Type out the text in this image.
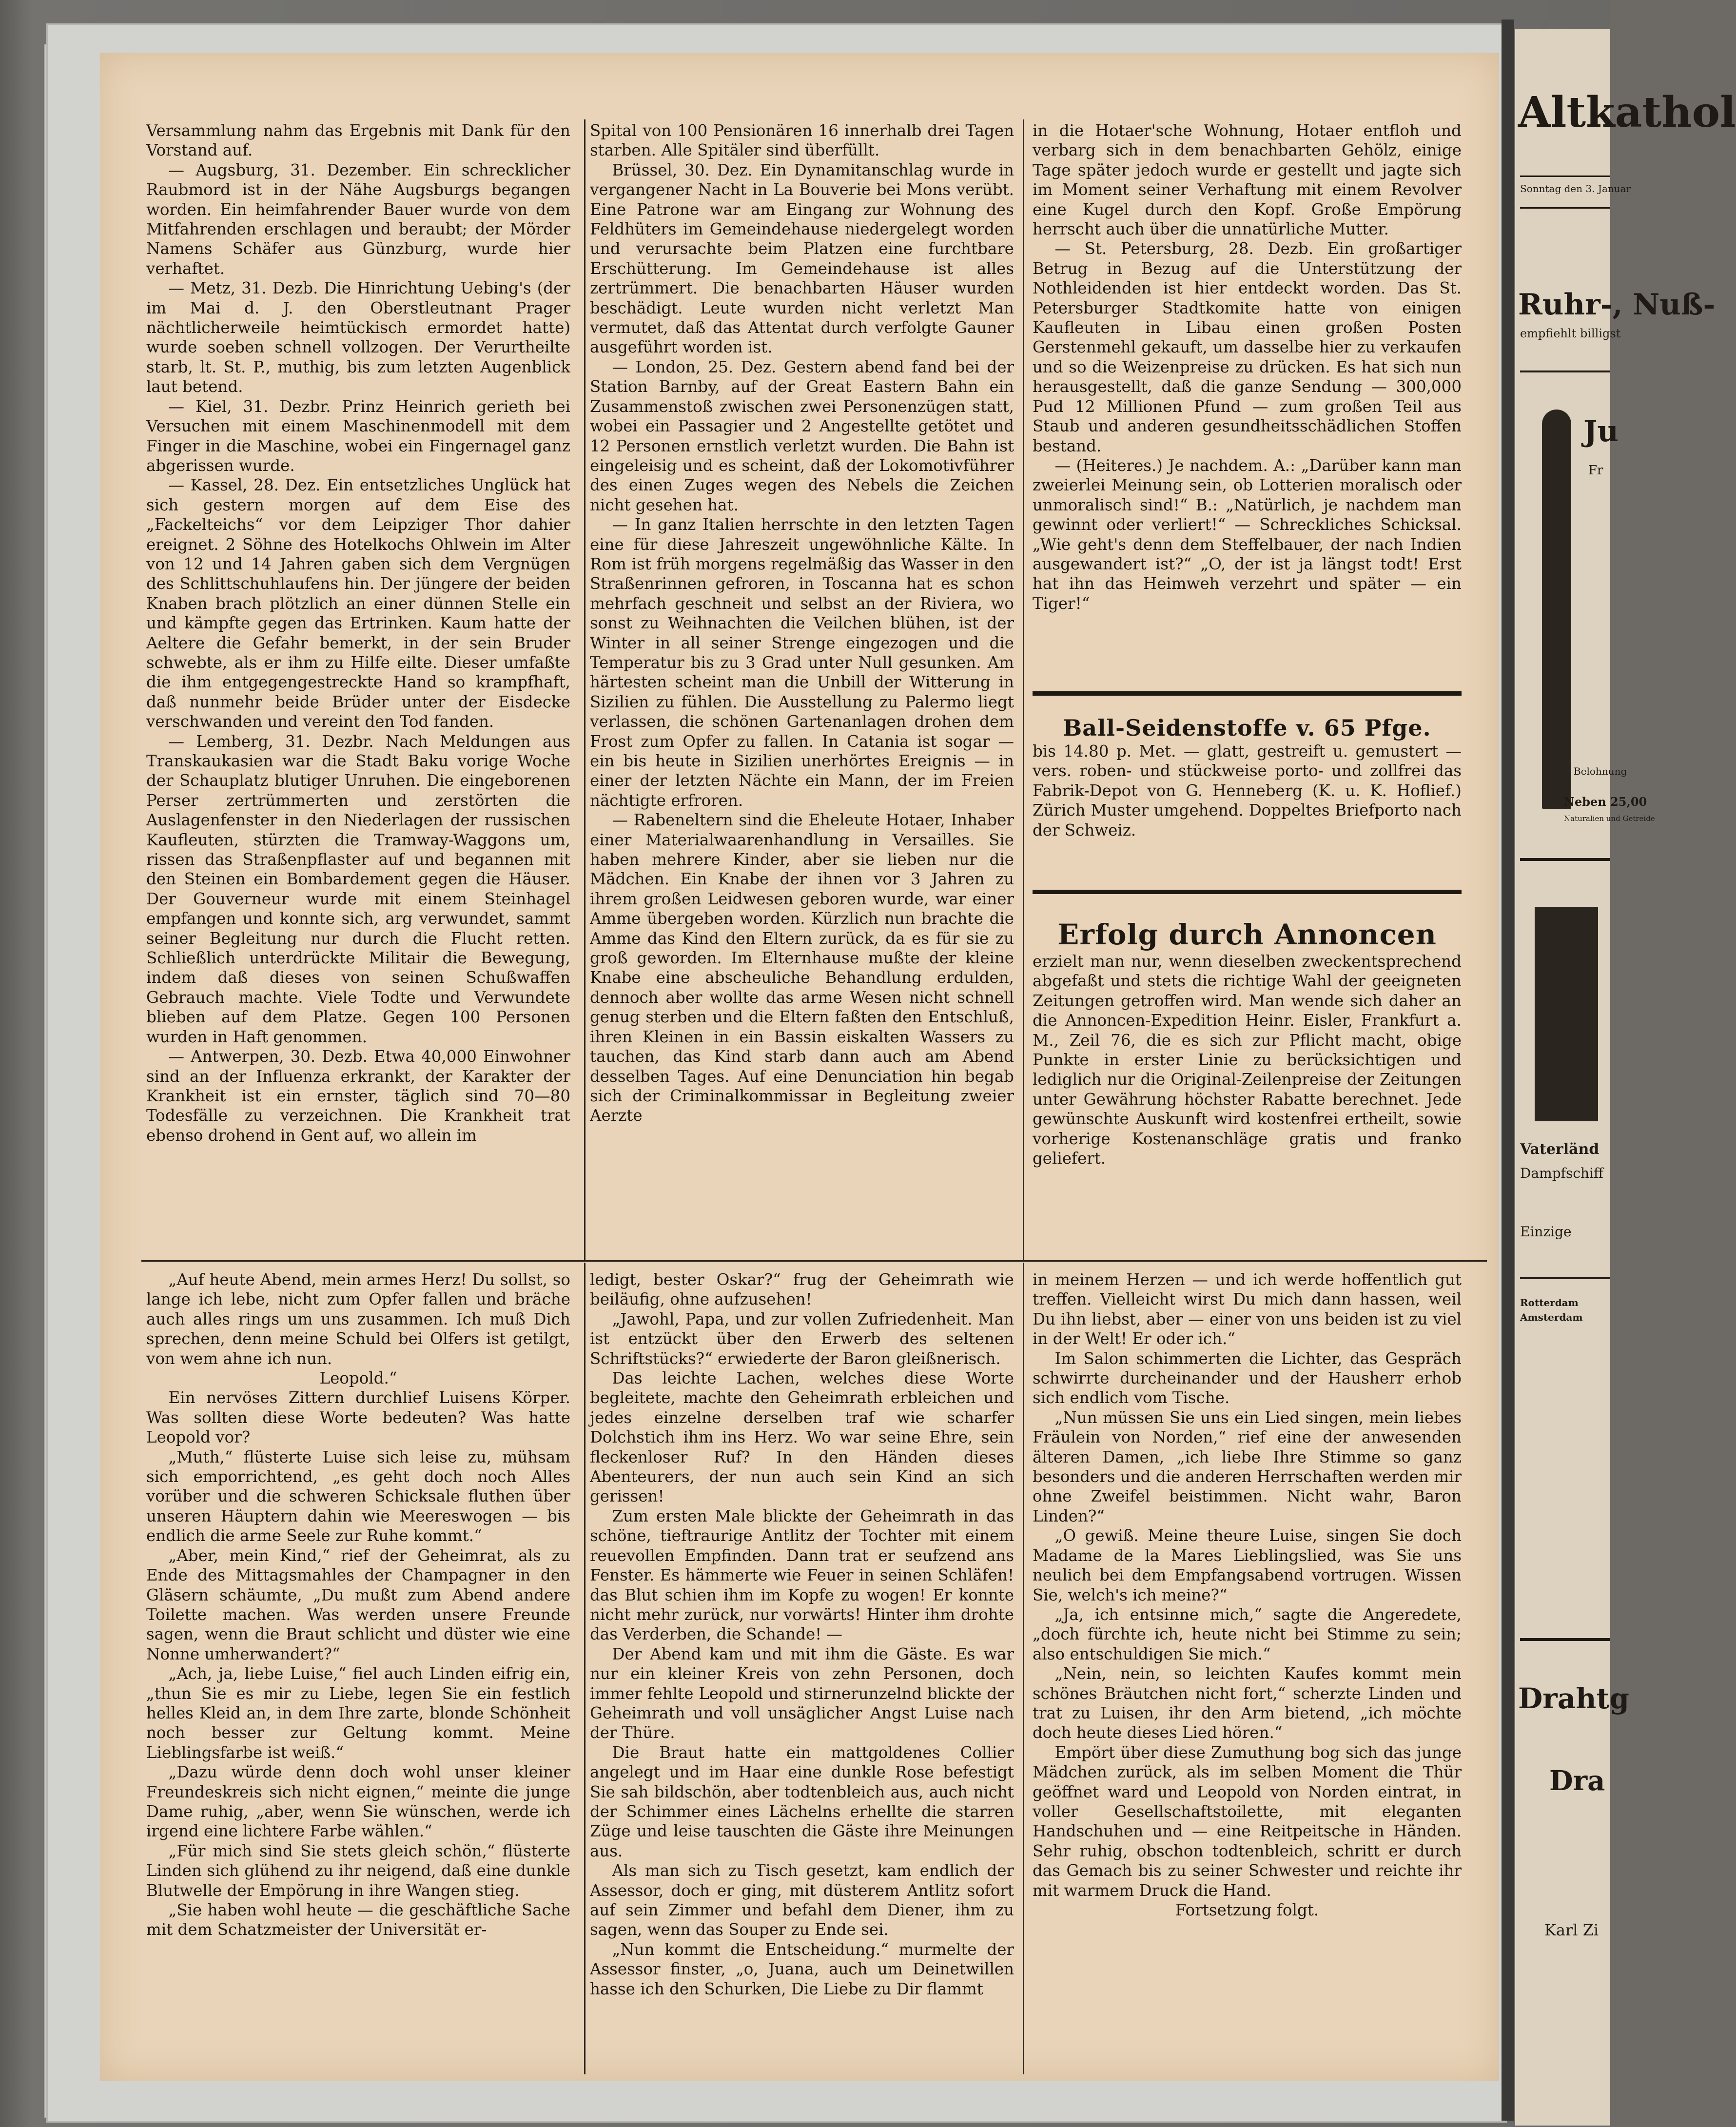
Altkathol
Sonntag den 3. Januar
Ruhr-, Nuß-
empfiehlt billigst
Ju
Fr
Belohnung
Neben 25,00
Naturalien und Getreide
Vaterländ
Dampfschiff
Einzige
Rotterdam
Amsterdam
Drahtg
Dra
Karl Zi

Versammlung nahm das Ergebnis mit Dank für den Vorstand auf.

— Augsburg, 31. Dezember. Ein schrecklicher Raubmord ist in der Nähe Augsburgs begangen worden. Ein heimfahrender Bauer wurde von dem Mitfahrenden erschlagen und beraubt; der Mörder Namens Schäfer aus Günzburg, wurde hier verhaftet.

— Metz, 31. Dezb. Die Hinrichtung Uebing's (der im Mai d. J. den Oberstleutnant Prager nächtlicherweile heimtückisch ermordet hatte) wurde soeben schnell vollzogen. Der Verurtheilte starb, lt. St. P., muthig, bis zum letzten Augenblick laut betend.

— Kiel, 31. Dezbr. Prinz Heinrich gerieth bei Versuchen mit einem Maschinenmodell mit dem Finger in die Maschine, wobei ein Fingernagel ganz abgerissen wurde.

— Kassel, 28. Dez. Ein entsetzliches Unglück hat sich gestern morgen auf dem Eise des „Fackelteichs“ vor dem Leipziger Thor dahier ereignet. 2 Söhne des Hotelkochs Ohlwein im Alter von 12 und 14 Jahren gaben sich dem Vergnügen des Schlittschuhlaufens hin. Der jüngere der beiden Knaben brach plötzlich an einer dünnen Stelle ein und kämpfte gegen das Ertrinken. Kaum hatte der Aeltere die Gefahr bemerkt, in der sein Bruder schwebte, als er ihm zu Hilfe eilte. Dieser umfaßte die ihm entgegengestreckte Hand so krampfhaft, daß nunmehr beide Brüder unter der Eisdecke verschwanden und vereint den Tod fanden.

— Lemberg, 31. Dezbr. Nach Meldungen aus Transkaukasien war die Stadt Baku vorige Woche der Schauplatz blutiger Unruhen. Die eingeborenen Perser zertrümmerten und zerstörten die Auslagenfenster in den Niederlagen der russischen Kaufleuten, stürzten die Tramway-Waggons um, rissen das Straßenpflaster auf und begannen mit den Steinen ein Bombardement gegen die Häuser. Der Gouverneur wurde mit einem Steinhagel empfangen und konnte sich, arg verwundet, sammt seiner Begleitung nur durch die Flucht retten. Schließlich unterdrückte Militair die Bewegung, indem daß dieses von seinen Schußwaffen Gebrauch machte. Viele Todte und Verwundete blieben auf dem Platze. Gegen 100 Personen wurden in Haft genommen.

— Antwerpen, 30. Dezb. Etwa 40,000 Einwohner sind an der Influenza erkrankt, der Karakter der Krankheit ist ein ernster, täglich sind 70—80 Todesfälle zu verzeichnen. Die Krankheit trat ebenso drohend in Gent auf, wo allein im

Spital von 100 Pensionären 16 innerhalb drei Tagen starben. Alle Spitäler sind überfüllt.

Brüssel, 30. Dez. Ein Dynamitanschlag wurde in vergangener Nacht in La Bouverie bei Mons verübt. Eine Patrone war am Eingang zur Wohnung des Feldhüters im Gemeindehause niedergelegt worden und verursachte beim Platzen eine furchtbare Erschütterung. Im Gemeindehause ist alles zertrümmert. Die benachbarten Häuser wurden beschädigt. Leute wurden nicht verletzt Man vermutet, daß das Attentat durch verfolgte Gauner ausgeführt worden ist.

— London, 25. Dez. Gestern abend fand bei der Station Barnby, auf der Great Eastern Bahn ein Zusammenstoß zwischen zwei Personenzügen statt, wobei ein Passagier und 2 Angestellte getötet und 12 Personen ernstlich verletzt wurden. Die Bahn ist eingeleisig und es scheint, daß der Lokomotivführer des einen Zuges wegen des Nebels die Zeichen nicht gesehen hat.

— In ganz Italien herrschte in den letzten Tagen eine für diese Jahreszeit ungewöhnliche Kälte. In Rom ist früh morgens regelmäßig das Wasser in den Straßenrinnen gefroren, in Toscanna hat es schon mehrfach geschneit und selbst an der Riviera, wo sonst zu Weihnachten die Veilchen blühen, ist der Winter in all seiner Strenge eingezogen und die Temperatur bis zu 3 Grad unter Null gesunken. Am härtesten scheint man die Unbill der Witterung in Sizilien zu fühlen. Die Ausstellung zu Palermo liegt verlassen, die schönen Gartenanlagen drohen dem Frost zum Opfer zu fallen. In Catania ist sogar — ein bis heute in Sizilien unerhörtes Ereignis — in einer der letzten Nächte ein Mann, der im Freien nächtigte erfroren.

— Rabeneltern sind die Eheleute Hotaer, Inhaber einer Materialwaarenhandlung in Versailles. Sie haben mehrere Kinder, aber sie lieben nur die Mädchen. Ein Knabe der ihnen vor 3 Jahren zu ihrem großen Leidwesen geboren wurde, war einer Amme übergeben worden. Kürzlich nun brachte die Amme das Kind den Eltern zurück, da es für sie zu groß geworden. Im Elternhause mußte der kleine Knabe eine abscheuliche Behandlung erdulden, dennoch aber wollte das arme Wesen nicht schnell genug sterben und die Eltern faßten den Entschluß, ihren Kleinen in ein Bassin eiskalten Wassers zu tauchen, das Kind starb dann auch am Abend desselben Tages. Auf eine Denunciation hin begab sich der Criminalkommissar in Begleitung zweier Aerzte

in die Hotaer'sche Wohnung, Hotaer entfloh und verbarg sich in dem benachbarten Gehölz, einige Tage später jedoch wurde er gestellt und jagte sich im Moment seiner Verhaftung mit einem Revolver eine Kugel durch den Kopf. Große Empörung herrscht auch über die unnatürliche Mutter.

— St. Petersburg, 28. Dezb. Ein großartiger Betrug in Bezug auf die Unterstützung der Nothleidenden ist hier entdeckt worden. Das St. Petersburger Stadtkomite hatte von einigen Kaufleuten in Libau einen großen Posten Gerstenmehl gekauft, um dasselbe hier zu verkaufen und so die Weizenpreise zu drücken. Es hat sich nun herausgestellt, daß die ganze Sendung — 300,000 Pud 12 Millionen Pfund — zum großen Teil aus Staub und anderen gesundheitsschädlichen Stoffen bestand.

— (Heiteres.) Je nachdem. A.: „Darüber kann man zweierlei Meinung sein, ob Lotterien moralisch oder unmoralisch sind!“ B.: „Natürlich, je nachdem man gewinnt oder verliert!“ — Schreckliches Schicksal. „Wie geht's denn dem Steffelbauer, der nach Indien ausgewandert ist?“ „O, der ist ja längst todt! Erst hat ihn das Heimweh verzehrt und später — ein Tiger!“

Ball-Seidenstoffe v. 65 Pfge.

bis 14.80 p. Met. — glatt, gestreift u. gemustert — vers. roben- und stückweise porto- und zollfrei das Fabrik-Depot von G. Henneberg (K. u. K. Hoflief.) Zürich Muster umgehend. Doppeltes Briefporto nach der Schweiz.

Erfolg durch Annoncen

erzielt man nur, wenn dieselben zweckentsprechend abgefaßt und stets die richtige Wahl der geeigneten Zeitungen getroffen wird. Man wende sich daher an die Annoncen-Expedition Heinr. Eisler, Frankfurt a. M., Zeil 76, die es sich zur Pflicht macht, obige Punkte in erster Linie zu berücksichtigen und lediglich nur die Original-Zeilenpreise der Zeitungen unter Gewährung höchster Rabatte berechnet. Jede gewünschte Auskunft wird kostenfrei ertheilt, sowie vorherige Kostenanschläge gratis und franko geliefert.

„Auf heute Abend, mein armes Herz! Du sollst, so lange ich lebe, nicht zum Opfer fallen und bräche auch alles rings um uns zusammen. Ich muß Dich sprechen, denn meine Schuld bei Olfers ist getilgt, von wem ahne ich nun.

Leopold.“

Ein nervöses Zittern durchlief Luisens Körper. Was sollten diese Worte bedeuten? Was hatte Leopold vor?

„Muth,“ flüsterte Luise sich leise zu, mühsam sich emporrichtend, „es geht doch noch Alles vorüber und die schweren Schicksale fluthen über unseren Häuptern dahin wie Meereswogen — bis endlich die arme Seele zur Ruhe kommt.“

„Aber, mein Kind,“ rief der Geheimrat, als zu Ende des Mittagsmahles der Champagner in den Gläsern schäumte, „Du mußt zum Abend andere Toilette machen. Was werden unsere Freunde sagen, wenn die Braut schlicht und düster wie eine Nonne umherwandert?“

„Ach, ja, liebe Luise,“ fiel auch Linden eifrig ein, „thun Sie es mir zu Liebe, legen Sie ein festlich helles Kleid an, in dem Ihre zarte, blonde Schönheit noch besser zur Geltung kommt. Meine Lieblingsfarbe ist weiß.“

„Dazu würde denn doch wohl unser kleiner Freundeskreis sich nicht eignen,“ meinte die junge Dame ruhig, „aber, wenn Sie wünschen, werde ich irgend eine lichtere Farbe wählen.“

„Für mich sind Sie stets gleich schön,“ flüsterte Linden sich glühend zu ihr neigend, daß eine dunkle Blutwelle der Empörung in ihre Wangen stieg.

„Sie haben wohl heute — die geschäftliche Sache mit dem Schatzmeister der Universität er-

ledigt, bester Oskar?“ frug der Geheimrath wie beiläufig, ohne aufzusehen!

„Jawohl, Papa, und zur vollen Zufriedenheit. Man ist entzückt über den Erwerb des seltenen Schriftstücks?“ erwiederte der Baron gleißnerisch.

Das leichte Lachen, welches diese Worte begleitete, machte den Geheimrath erbleichen und jedes einzelne derselben traf wie scharfer Dolchstich ihm ins Herz. Wo war seine Ehre, sein fleckenloser Ruf? In den Händen dieses Abenteurers, der nun auch sein Kind an sich gerissen!

Zum ersten Male blickte der Geheimrath in das schöne, tieftraurige Antlitz der Tochter mit einem reuevollen Empfinden. Dann trat er seufzend ans Fenster. Es hämmerte wie Feuer in seinen Schläfen! das Blut schien ihm im Kopfe zu wogen! Er konnte nicht mehr zurück, nur vorwärts! Hinter ihm drohte das Verderben, die Schande! —

Der Abend kam und mit ihm die Gäste. Es war nur ein kleiner Kreis von zehn Personen, doch immer fehlte Leopold und stirnerunzelnd blickte der Geheimrath und voll unsäglicher Angst Luise nach der Thüre.

Die Braut hatte ein mattgoldenes Collier angelegt und im Haar eine dunkle Rose befestigt Sie sah bildschön, aber todtenbleich aus, auch nicht der Schimmer eines Lächelns erhellte die starren Züge und leise tauschten die Gäste ihre Meinungen aus.

Als man sich zu Tisch gesetzt, kam endlich der Assessor, doch er ging, mit düsterem Antlitz sofort auf sein Zimmer und befahl dem Diener, ihm zu sagen, wenn das Souper zu Ende sei.

„Nun kommt die Entscheidung.“ murmelte der Assessor finster, „o, Juana, auch um Deinetwillen hasse ich den Schurken, Die Liebe zu Dir flammt

in meinem Herzen — und ich werde hoffentlich gut treffen. Vielleicht wirst Du mich dann hassen, weil Du ihn liebst, aber — einer von uns beiden ist zu viel in der Welt! Er oder ich.“

Im Salon schimmerten die Lichter, das Gespräch schwirrte durcheinander und der Hausherr erhob sich endlich vom Tische.

„Nun müssen Sie uns ein Lied singen, mein liebes Fräulein von Norden,“ rief eine der anwesenden älteren Damen, „ich liebe Ihre Stimme so ganz besonders und die anderen Herrschaften werden mir ohne Zweifel beistimmen. Nicht wahr, Baron Linden?“

„O gewiß. Meine theure Luise, singen Sie doch Madame de la Mares Lieblingslied, was Sie uns neulich bei dem Empfangsabend vortrugen. Wissen Sie, welch's ich meine?“

„Ja, ich entsinne mich,“ sagte die Angeredete, „doch fürchte ich, heute nicht bei Stimme zu sein; also entschuldigen Sie mich.“

„Nein, nein, so leichten Kaufes kommt mein schönes Bräutchen nicht fort,“ scherzte Linden und trat zu Luisen, ihr den Arm bietend, „ich möchte doch heute dieses Lied hören.“

Empört über diese Zumuthung bog sich das junge Mädchen zurück, als im selben Moment die Thür geöffnet ward und Leopold von Norden eintrat, in voller Gesellschaftstoilette, mit eleganten Handschuhen und — eine Reitpeitsche in Händen. Sehr ruhig, obschon todtenbleich, schritt er durch das Gemach bis zu seiner Schwester und reichte ihr mit warmem Druck die Hand.

Fortsetzung folgt.
